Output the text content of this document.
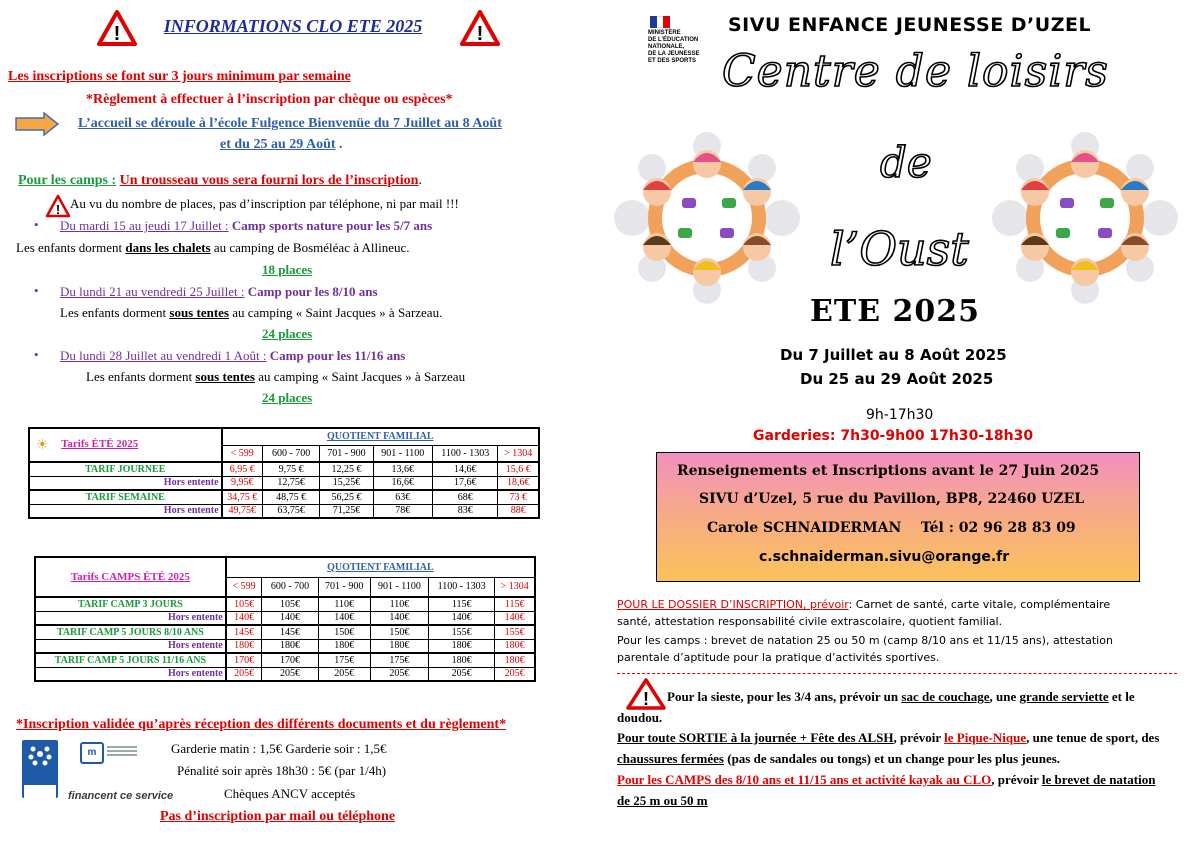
!	INFORMATIONS CLO ETE 2025	!
Les inscriptions se font sur 3 jours minimum par semaine
*Règlement à effectuer à l’inscription par chèque ou espèces*
L’accueil se déroule à l’école Fulgence Bienvenüe du 7 Juillet au 8 Août
et du 25 au 29 Août .
Pour les camps : Un trousseau vous sera fourni lors de l’inscription.
! Au vu du nombre de places, pas d’inscription par téléphone, ni par mail !!!
• Du mardi 15 au jeudi 17 Juillet : Camp sports nature pour les 5/7 ans
Les enfants dorment dans les chalets au camping de Bosméléac à Allineuc.
18 places
• Du lundi 21 au vendredi 25 Juillet : Camp pour les 8/10 ans
Les enfants dorment sous tentes au camping « Saint Jacques » à Sarzeau.
24 places
• Du lundi 28 Juillet au vendredi 1 Août : Camp pour les 11/16 ans
Les enfants dorment sous tentes au camping « Saint Jacques » à Sarzeau
24 places
☀ Tarifs ÉTÉ 2025	QUOTIENT FAMILIAL					
	< 599	600 - 700	701 - 900	901 - 1100	1100 - 1303	> 1304
TARIF JOURNEE	6,95 €	9,75 €	12,25 €	13,6€	14,6€	15,6 €
Hors entente	9,95€	12,75€	15,25€	16,6€	17,6€	18,6€
TARIF SEMAINE	34,75 €	48,75 €	56,25 €	63€	68€	73 €
Hors entente	49,75€	63,75€	71,25€	78€	83€	88€
Tarifs CAMPS ÉTÉ 2025	QUOTIENT FAMILIAL					
	< 599	600 - 700	701 - 900	901 - 1100	1100 - 1303	> 1304
TARIF CAMP 3 JOURS	105€	105€	110€	110€	115€	115€
Hors entente	140€	140€	140€	140€	140€	140€
TARIF CAMP 5 JOURS 8/10 ANS	145€	145€	150€	150€	155€	155€
Hors entente	180€	180€	180€	180€	180€	180€
TARIF CAMP 5 JOURS 11/16 ANS	170€	170€	175€	175€	180€	180€
Hors entente	205€	205€	205€	205€	205€	205€
*Inscription validée qu’après réception des différents documents et du règlement*
m
financent ce service
Garderie matin : 1,5€ Garderie soir : 1,5€
Pénalité soir après 18h30 : 5€ (par 1/4h)
Chèques ANCV acceptés
Pas d’inscription par mail ou téléphone
MINISTÈRE
DE L’ÉDUCATION
NATIONALE,
DE LA JEUNESSE
ET DES SPORTS
SIVU ENFANCE JEUNESSE D’UZEL
Centre de loisirs
de
l’Oust
ETE 2025
Du 7 Juillet au 8 Août 2025
Du 25 au 29 Août 2025
9h-17h30
Garderies: 7h30-9h00 17h30-18h30
Renseignements et Inscriptions avant le 27 Juin 2025
SIVU d’Uzel, 5 rue du Pavillon, BP8, 22460 UZEL
Carole SCHNAIDERMAN    Tél : 02 96 28 83 09
c.schnaiderman.sivu@orange.fr
POUR LE DOSSIER D’INSCRIPTION, prévoir: Carnet de santé, carte vitale, complémentaire santé, attestation responsabilité civile extrascolaire, quotient familial.
Pour les camps : brevet de natation 25 ou 50 m (camp 8/10 ans et 11/15 ans), attestation parentale d’aptitude pour la pratique d’activités sportives.
!	Pour la sieste, pour les 3/4 ans, prévoir un sac de couchage, une grande serviette et le doudou.
Pour toute SORTIE à la journée + Fête des ALSH, prévoir le Pique-Nique, une tenue de sport, des chaussures fermées (pas de sandales ou tongs) et un change pour les plus jeunes.
Pour les CAMPS des 8/10 ans et 11/15 ans et activité kayak au CLO, prévoir le brevet de natation de 25 m ou 50 m
